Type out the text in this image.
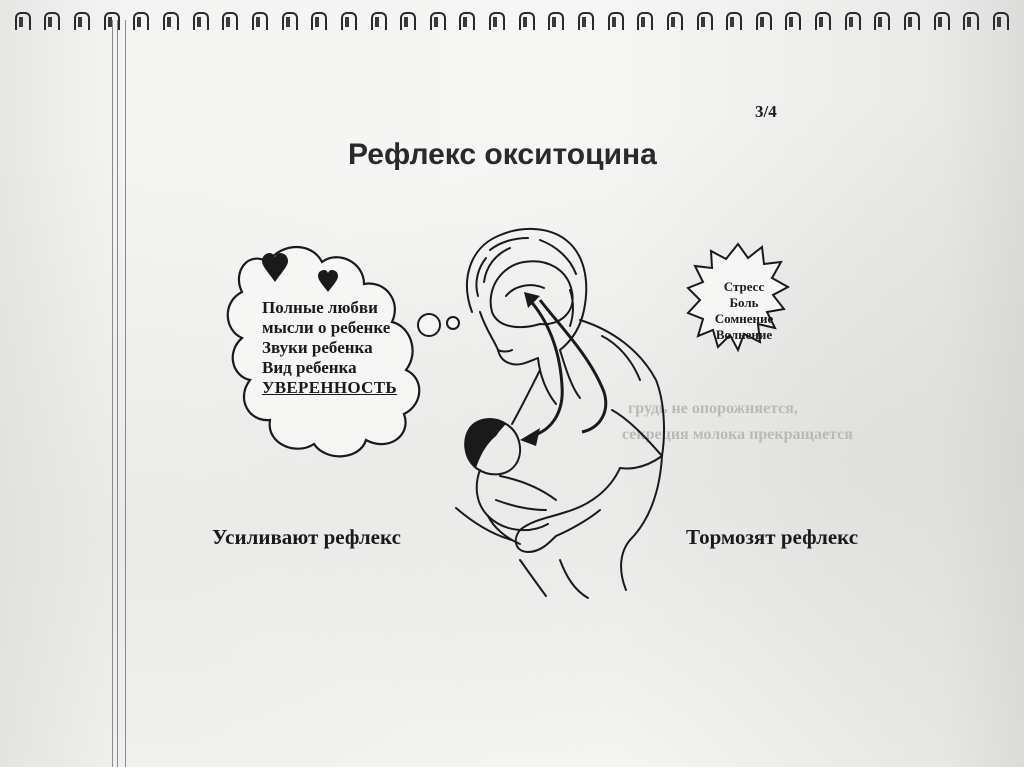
грудь не опорожняется,
секреция молока прекращается
3/4
Рефлекс окситоцина
Полные любви
мысли о ребенке
Звуки ребенка
Вид ребенка
УВЕРЕННОСТЬ
Стресс
Боль
Сомнение
Волнение
Усиливают рефлекс	Тормозят рефлекс
